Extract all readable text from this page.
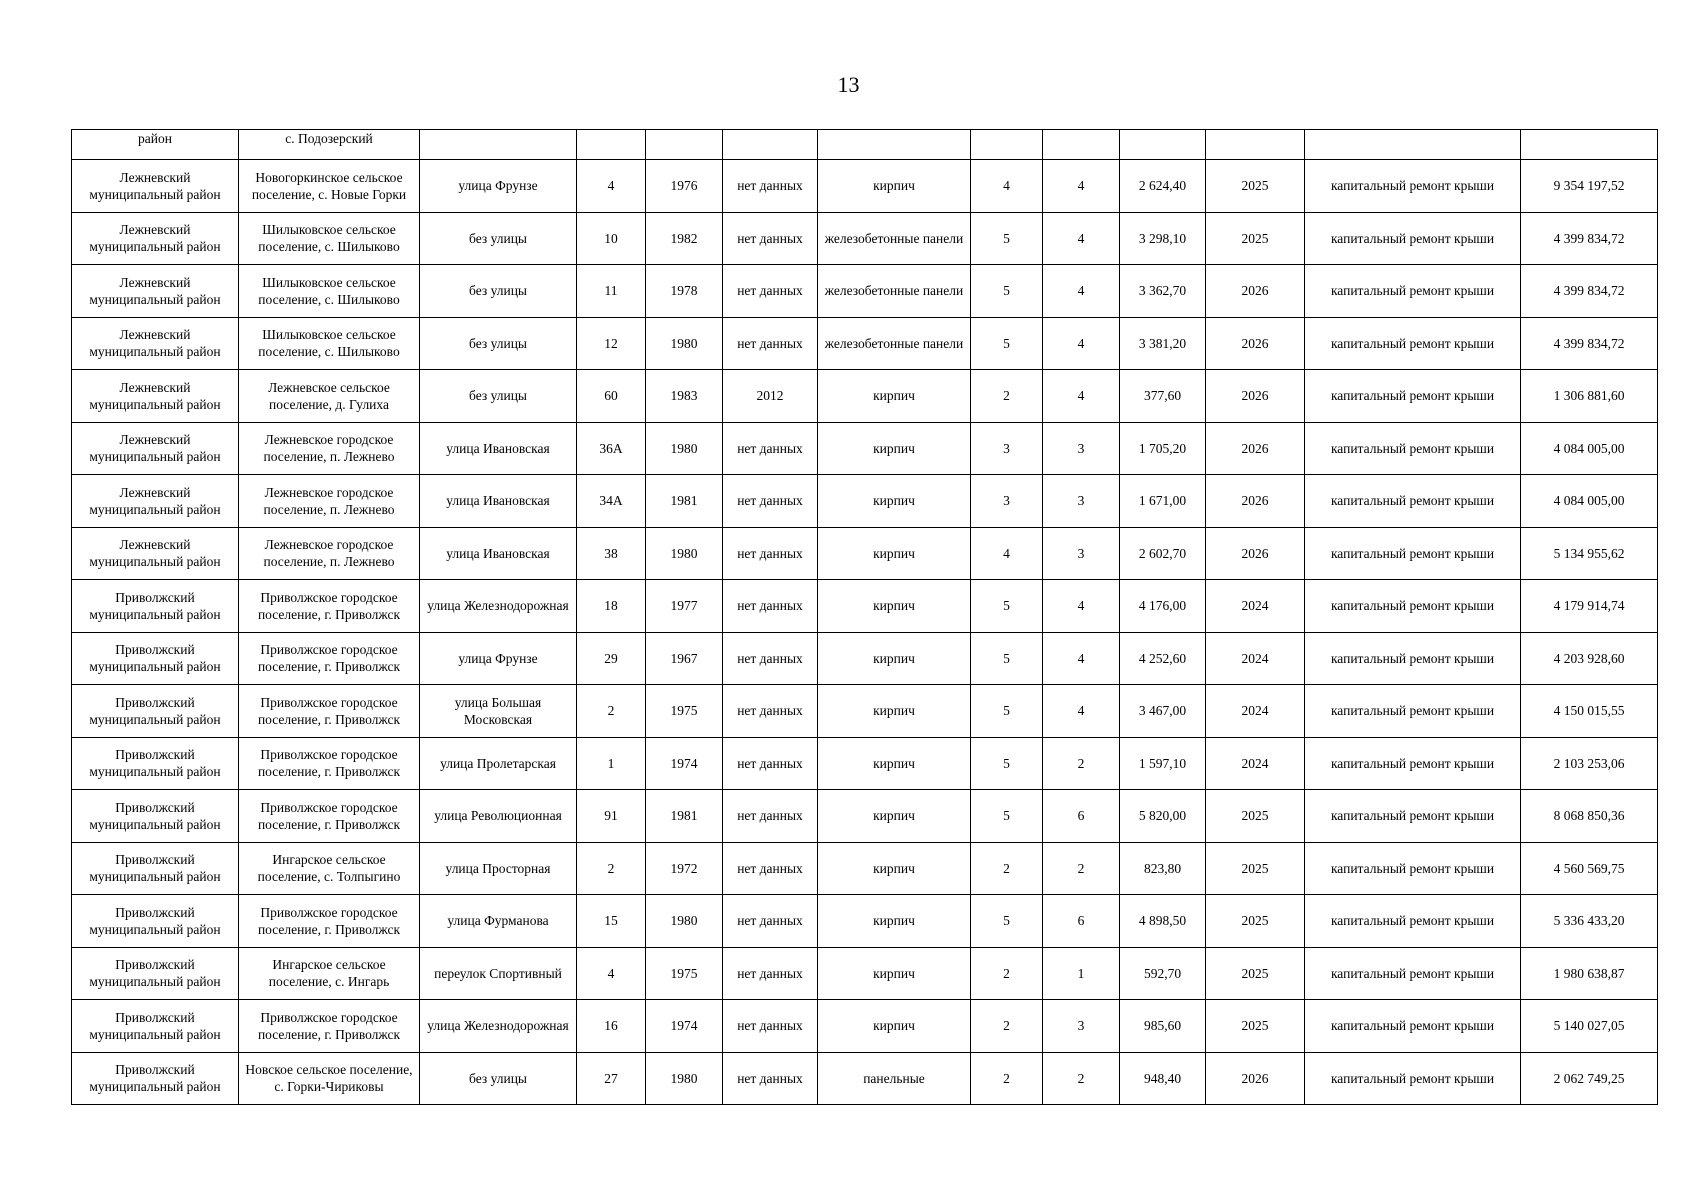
13
район	с. Подозерский											
Лежневский муниципальный район	Новогоркинское сельское поселение, с. Новые Горки	улица Фрунзе	4	1976	нет данных	кирпич	4	4	2 624,40	2025	капитальный ремонт крыши	9 354 197,52
Лежневский муниципальный район	Шилыковское сельское поселение, с. Шилыково	без улицы	10	1982	нет данных	железобетонные панели	5	4	3 298,10	2025	капитальный ремонт крыши	4 399 834,72
Лежневский муниципальный район	Шилыковское сельское поселение, с. Шилыково	без улицы	11	1978	нет данных	железобетонные панели	5	4	3 362,70	2026	капитальный ремонт крыши	4 399 834,72
Лежневский муниципальный район	Шилыковское сельское поселение, с. Шилыково	без улицы	12	1980	нет данных	железобетонные панели	5	4	3 381,20	2026	капитальный ремонт крыши	4 399 834,72
Лежневский муниципальный район	Лежневское сельское поселение, д. Гулиха	без улицы	60	1983	2012	кирпич	2	4	377,60	2026	капитальный ремонт крыши	1 306 881,60
Лежневский муниципальный район	Лежневское городское поселение, п. Лежнево	улица Ивановская	36А	1980	нет данных	кирпич	3	3	1 705,20	2026	капитальный ремонт крыши	4 084 005,00
Лежневский муниципальный район	Лежневское городское поселение, п. Лежнево	улица Ивановская	34А	1981	нет данных	кирпич	3	3	1 671,00	2026	капитальный ремонт крыши	4 084 005,00
Лежневский муниципальный район	Лежневское городское поселение, п. Лежнево	улица Ивановская	38	1980	нет данных	кирпич	4	3	2 602,70	2026	капитальный ремонт крыши	5 134 955,62
Приволжский муниципальный район	Приволжское городское поселение, г. Приволжск	улица Железнодорожная	18	1977	нет данных	кирпич	5	4	4 176,00	2024	капитальный ремонт крыши	4 179 914,74
Приволжский муниципальный район	Приволжское городское поселение, г. Приволжск	улица Фрунзе	29	1967	нет данных	кирпич	5	4	4 252,60	2024	капитальный ремонт крыши	4 203 928,60
Приволжский муниципальный район	Приволжское городское поселение, г. Приволжск	улица Большая Московская	2	1975	нет данных	кирпич	5	4	3 467,00	2024	капитальный ремонт крыши	4 150 015,55
Приволжский муниципальный район	Приволжское городское поселение, г. Приволжск	улица Пролетарская	1	1974	нет данных	кирпич	5	2	1 597,10	2024	капитальный ремонт крыши	2 103 253,06
Приволжский муниципальный район	Приволжское городское поселение, г. Приволжск	улица Революционная	91	1981	нет данных	кирпич	5	6	5 820,00	2025	капитальный ремонт крыши	8 068 850,36
Приволжский муниципальный район	Ингарское сельское поселение, с. Толпыгино	улица Просторная	2	1972	нет данных	кирпич	2	2	823,80	2025	капитальный ремонт крыши	4 560 569,75
Приволжский муниципальный район	Приволжское городское поселение, г. Приволжск	улица Фурманова	15	1980	нет данных	кирпич	5	6	4 898,50	2025	капитальный ремонт крыши	5 336 433,20
Приволжский муниципальный район	Ингарское сельское поселение, с. Ингарь	переулок Спортивный	4	1975	нет данных	кирпич	2	1	592,70	2025	капитальный ремонт крыши	1 980 638,87
Приволжский муниципальный район	Приволжское городское поселение, г. Приволжск	улица Железнодорожная	16	1974	нет данных	кирпич	2	3	985,60	2025	капитальный ремонт крыши	5 140 027,05
Приволжский муниципальный район	Новское сельское поселение, с. Горки-Чириковы	без улицы	27	1980	нет данных	панельные	2	2	948,40	2026	капитальный ремонт крыши	2 062 749,25
